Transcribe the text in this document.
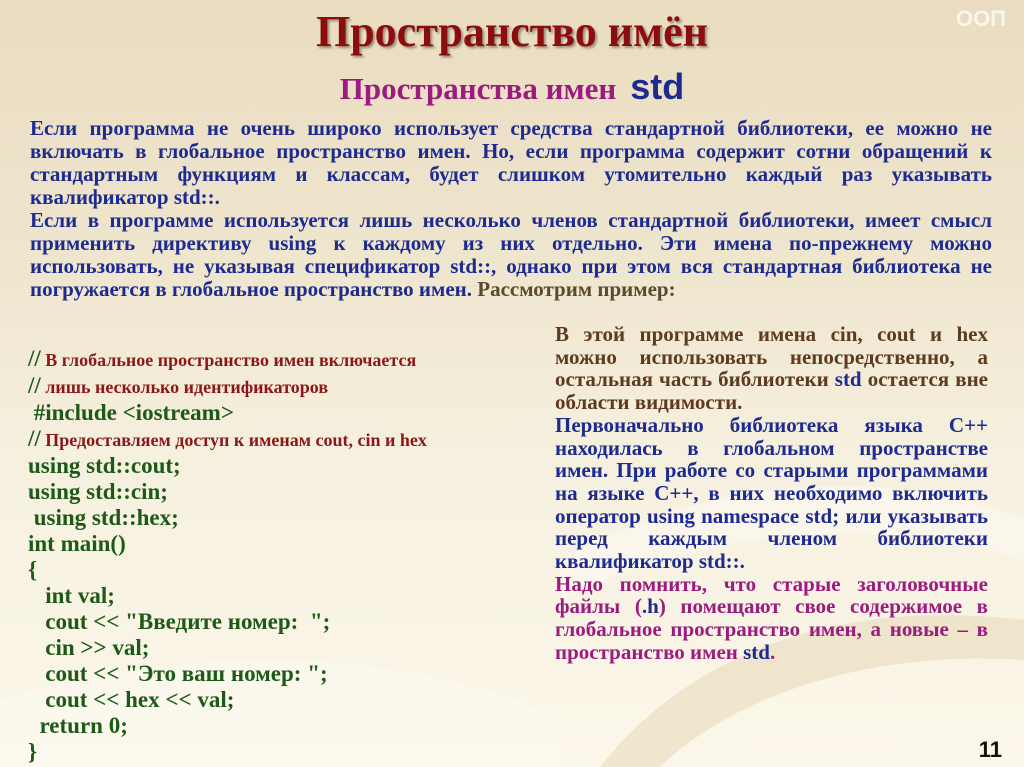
Пространство имён	ООП
Пространства имен std
Если программа не очень широко использует средства стандартной библиотеки, ее можно не включать в глобальное пространство имен. Но, если программа содержит сотни обращений к стандартным функциям и классам, будет слишком утомительно каждый раз указывать квалификатор std::.
Если в программе используется лишь несколько членов стандартной библиотеки, имеет смысл применить директиву using к каждому из них отдельно. Эти имена по-прежнему можно использовать, не указывая спецификатор std::, однако при этом вся стандартная библиотека не погружается в глобальное пространство имен. Рассмотрим пример:
// В глобальное пространство имен включается
// лишь несколько идентификаторов
#include <iostream>
// Предоставляем доступ к именам cout, cin и hex
using std::cout;
using std::cin;
using std::hex;
int main()
{
int val;
cout << "Введите номер:  ";
cin >> val;
cout << "Это ваш номер: ";
cout << hex << val;
return 0;
}
В этой программе имена cin, cout и hex можно использовать непосредственно, а остальная часть библиотеки std остается вне области видимости.
Первоначально библиотека языка С++ находилась в глобальном пространстве имен. При работе со старыми программами на языке С++, в них необходимо включить оператор using namespace std; или указывать перед каждым членом библиотеки квалификатор std::.
Надо помнить, что старые заголовочные файлы (.h) помещают свое содержимое в глобальное пространство имен, а новые – в пространство имен std.
11
